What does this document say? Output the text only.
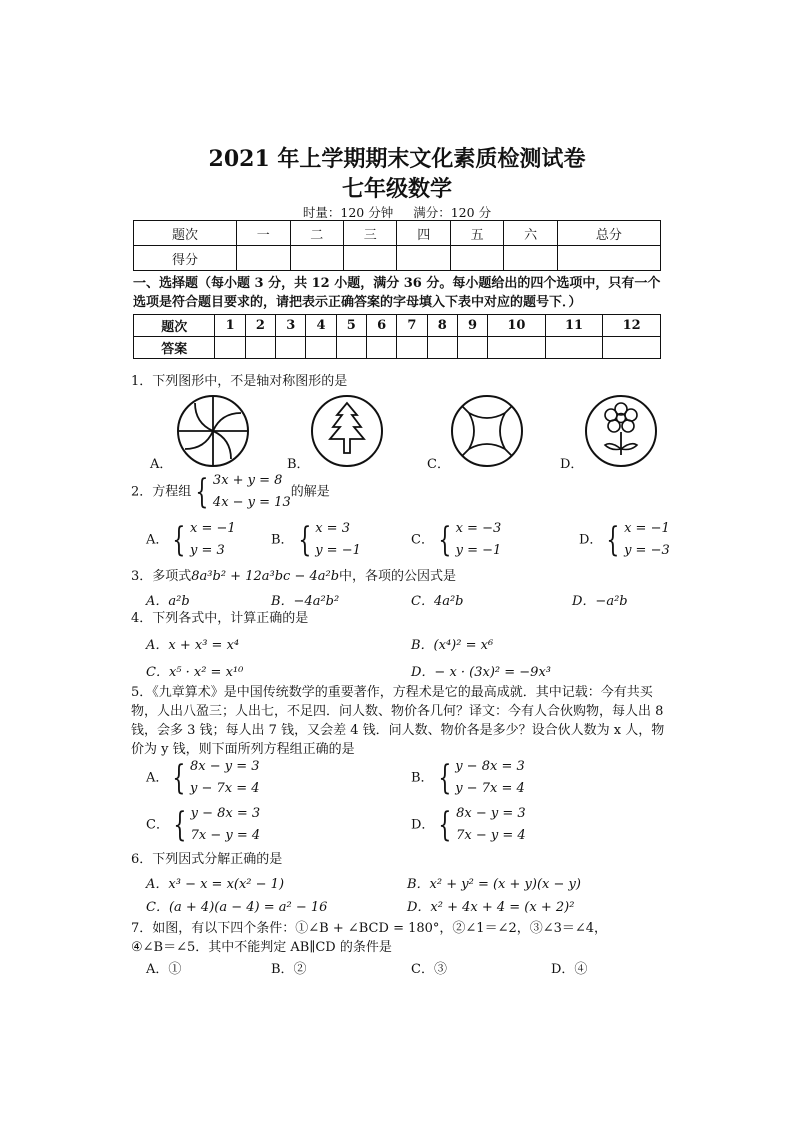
2021 年上学期期末文化素质检测试卷
七年级数学
时量：120 分钟 满分：120 分
题次	一	二	三	四	五	六	总分
得分							
一、选择题（每小题 3 分，共 12 小题，满分 36 分。每小题给出的四个选项中，只有一个选项是符合题目要求的，请把表示正确答案的字母填入下表中对应的题号下．）
题次	1	2	3	4	5	6	7	8	9	10	11	12
答案												
1．下列图形中，不是轴对称图形的是
A．	B．	C．	D．
2．方程组 { 3x + y = 8
4x − y = 13的解是
A． { x = −1
y = 3
B． { x = 3
y = −1
C． { x = −3
y = −1
D． { x = −1
y = −3
3．多项式8a³b² + 12a³bc − 4a²b中，各项的公因式是
A．a²b	B．−4a²b²	C．4a²b	D．−a²b
4．下列各式中，计算正确的是
A．x + x³ = x⁴	B．(x⁴)² = x⁶
C．x⁵ · x² = x¹⁰	D．− x · (3x)² = −9x³
5．《九章算术》是中国传统数学的重要著作，方程术是它的最高成就．其中记载：今有共买物，人出八盈三；人出七，不足四．问人数、物价各几何？译文：今有人合伙购物，每人出 8 钱，会多 3 钱；每人出 7 钱，又会差 4 钱．问人数、物价各是多少？设合伙人数为 x 人，物价为 y 钱，则下面所列方程组正确的是
A． { 8x − y = 3
y − 7x = 4
B． { y − 8x = 3
y − 7x = 4
C． { y − 8x = 3
7x − y = 4
D． { 8x − y = 3
7x − y = 4
6．下列因式分解正确的是
A．x³ − x = x(x² − 1)	B．x² + y² = (x + y)(x − y)
C．(a + 4)(a − 4) = a² − 16	D．x² + 4x + 4 = (x + 2)²
7．如图，有以下四个条件：①∠B + ∠BCD = 180°，②∠1＝∠2，③∠3＝∠4，
④∠B＝∠5．其中不能判定 AB∥CD 的条件是
A．①	B．②	C．③	D．④
